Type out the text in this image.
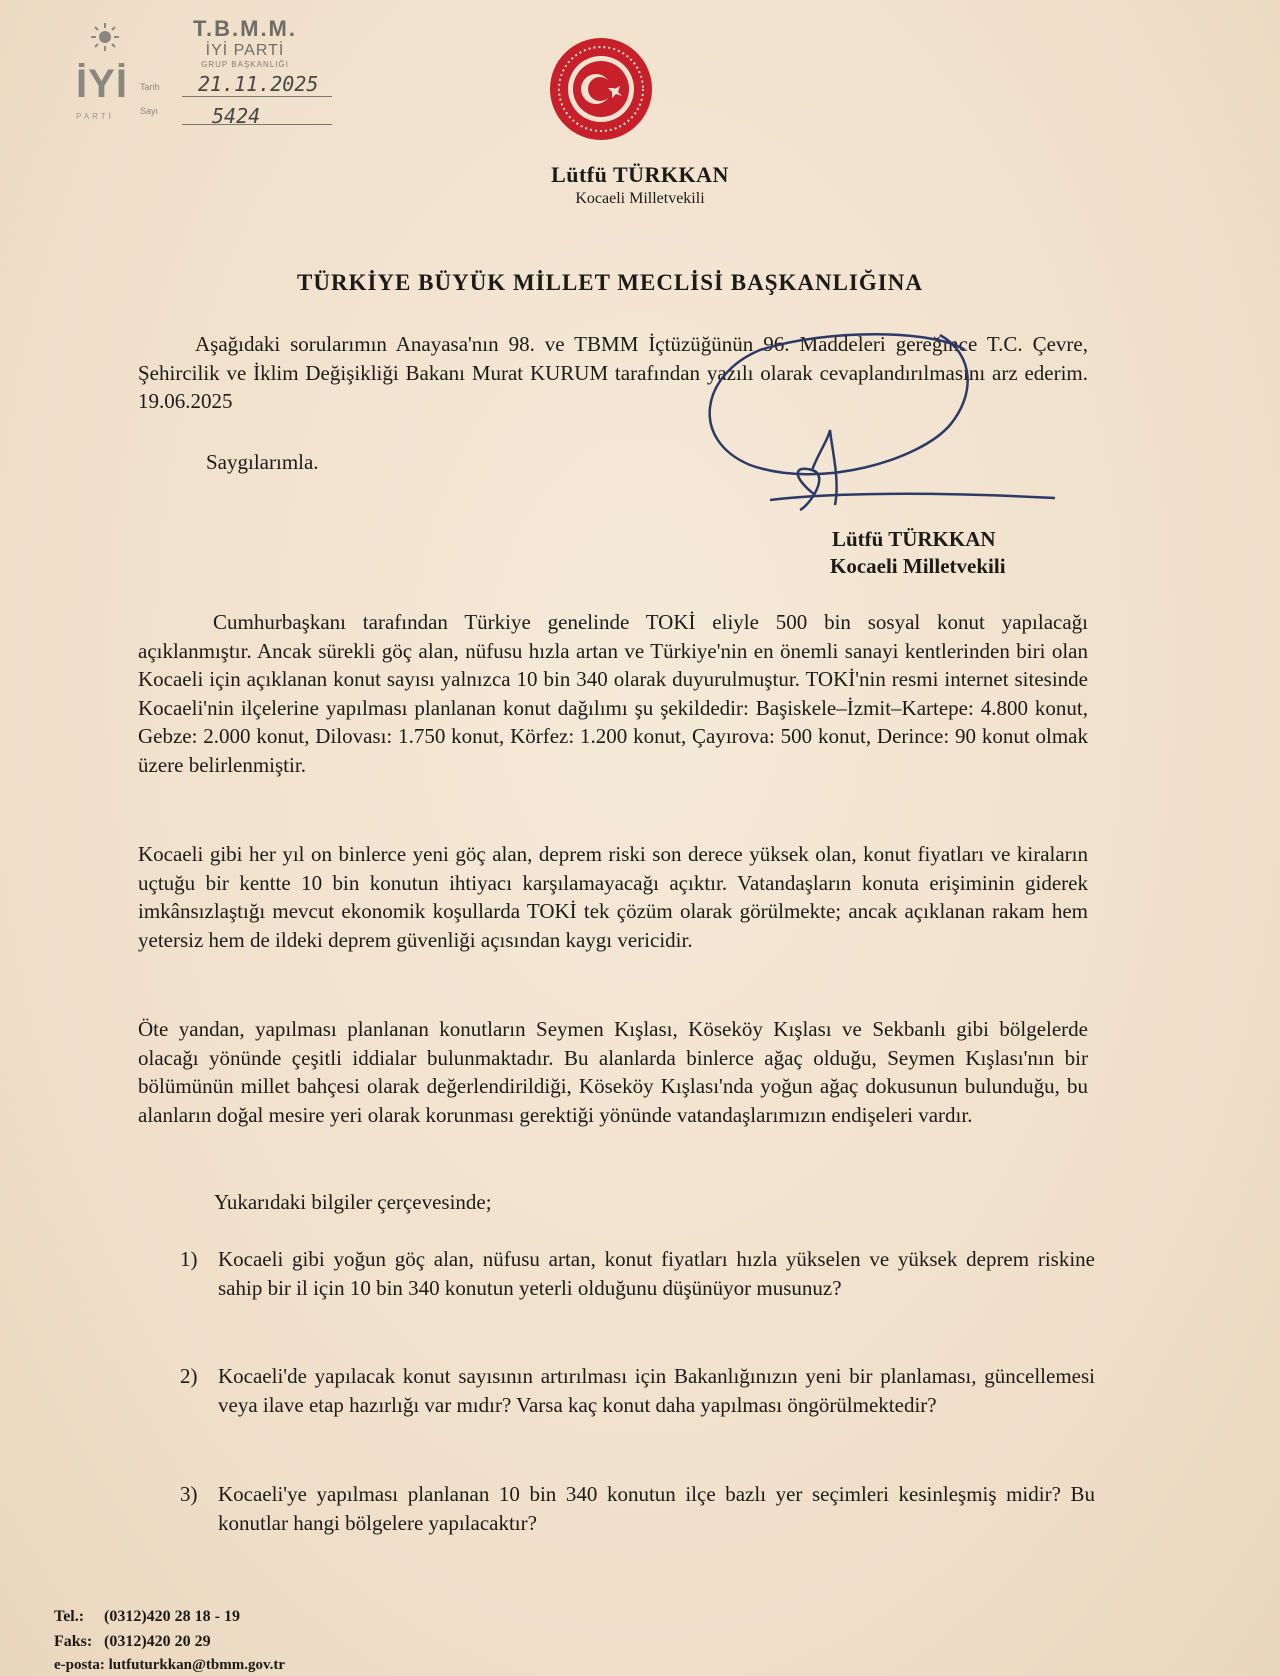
İYİ
PARTİ
T.B.M.M.
İYİ PARTİ
GRUP BAŞKANLIĞI
Tarih
Sayı
21.11.2025
5424
Lütfü TÜRKKAN
Kocaeli Milletvekili
TÜRKİYE BÜYÜK MİLLET MECLİSİ BAŞKANLIĞINA
Aşağıdaki sorularımın Anayasa'nın 98. ve TBMM İçtüzüğünün 96. Maddeleri gereğince T.C. Çevre, Şehircilik ve İklim Değişikliği Bakanı Murat KURUM tarafından yazılı olarak cevaplandırılmasını arz ederim. 19.06.2025
Saygılarımla.
Lütfü TÜRKKAN
Kocaeli Milletvekili
Cumhurbaşkanı tarafından Türkiye genelinde TOKİ eliyle 500 bin sosyal konut yapılacağı açıklanmıştır. Ancak sürekli göç alan, nüfusu hızla artan ve Türkiye'nin en önemli sanayi kentlerinden biri olan Kocaeli için açıklanan konut sayısı yalnızca 10 bin 340 olarak duyurulmuştur. TOKİ'nin resmi internet sitesinde Kocaeli'nin ilçelerine yapılması planlanan konut dağılımı şu şekildedir: Başiskele–İzmit–Kartepe: 4.800 konut, Gebze: 2.000 konut, Dilovası: 1.750 konut, Körfez: 1.200 konut, Çayırova: 500 konut, Derince: 90 konut olmak üzere belirlenmiştir.
Kocaeli gibi her yıl on binlerce yeni göç alan, deprem riski son derece yüksek olan, konut fiyatları ve kiraların uçtuğu bir kentte 10 bin konutun ihtiyacı karşılamayacağı açıktır. Vatandaşların konuta erişiminin giderek imkânsızlaştığı mevcut ekonomik koşullarda TOKİ tek çözüm olarak görülmekte; ancak açıklanan rakam hem yetersiz hem de ildeki deprem güvenliği açısından kaygı vericidir.
Öte yandan, yapılması planlanan konutların Seymen Kışlası, Köseköy Kışlası ve Sekbanlı gibi bölgelerde olacağı yönünde çeşitli iddialar bulunmaktadır. Bu alanlarda binlerce ağaç olduğu, Seymen Kışlası'nın bir bölümünün millet bahçesi olarak değerlendirildiği, Köseköy Kışlası'nda yoğun ağaç dokusunun bulunduğu, bu alanların doğal mesire yeri olarak korunması gerektiği yönünde vatandaşlarımızın endişeleri vardır.
Yukarıdaki bilgiler çerçevesinde;
1) Kocaeli gibi yoğun göç alan, nüfusu artan, konut fiyatları hızla yükselen ve yüksek deprem riskine sahip bir il için 10 bin 340 konutun yeterli olduğunu düşünüyor musunuz?
2) Kocaeli'de yapılacak konut sayısının artırılması için Bakanlığınızın yeni bir planlaması, güncellemesi veya ilave etap hazırlığı var mıdır? Varsa kaç konut daha yapılması öngörülmektedir?
3) Kocaeli'ye yapılması planlanan 10 bin 340 konutun ilçe bazlı yer seçimleri kesinleşmiş midir? Bu konutlar hangi bölgelere yapılacaktır?
Tel.: (0312)420 28 18 - 19
Faks: (0312)420 20 29
e-posta: lutfuturkkan@tbmm.gov.tr
